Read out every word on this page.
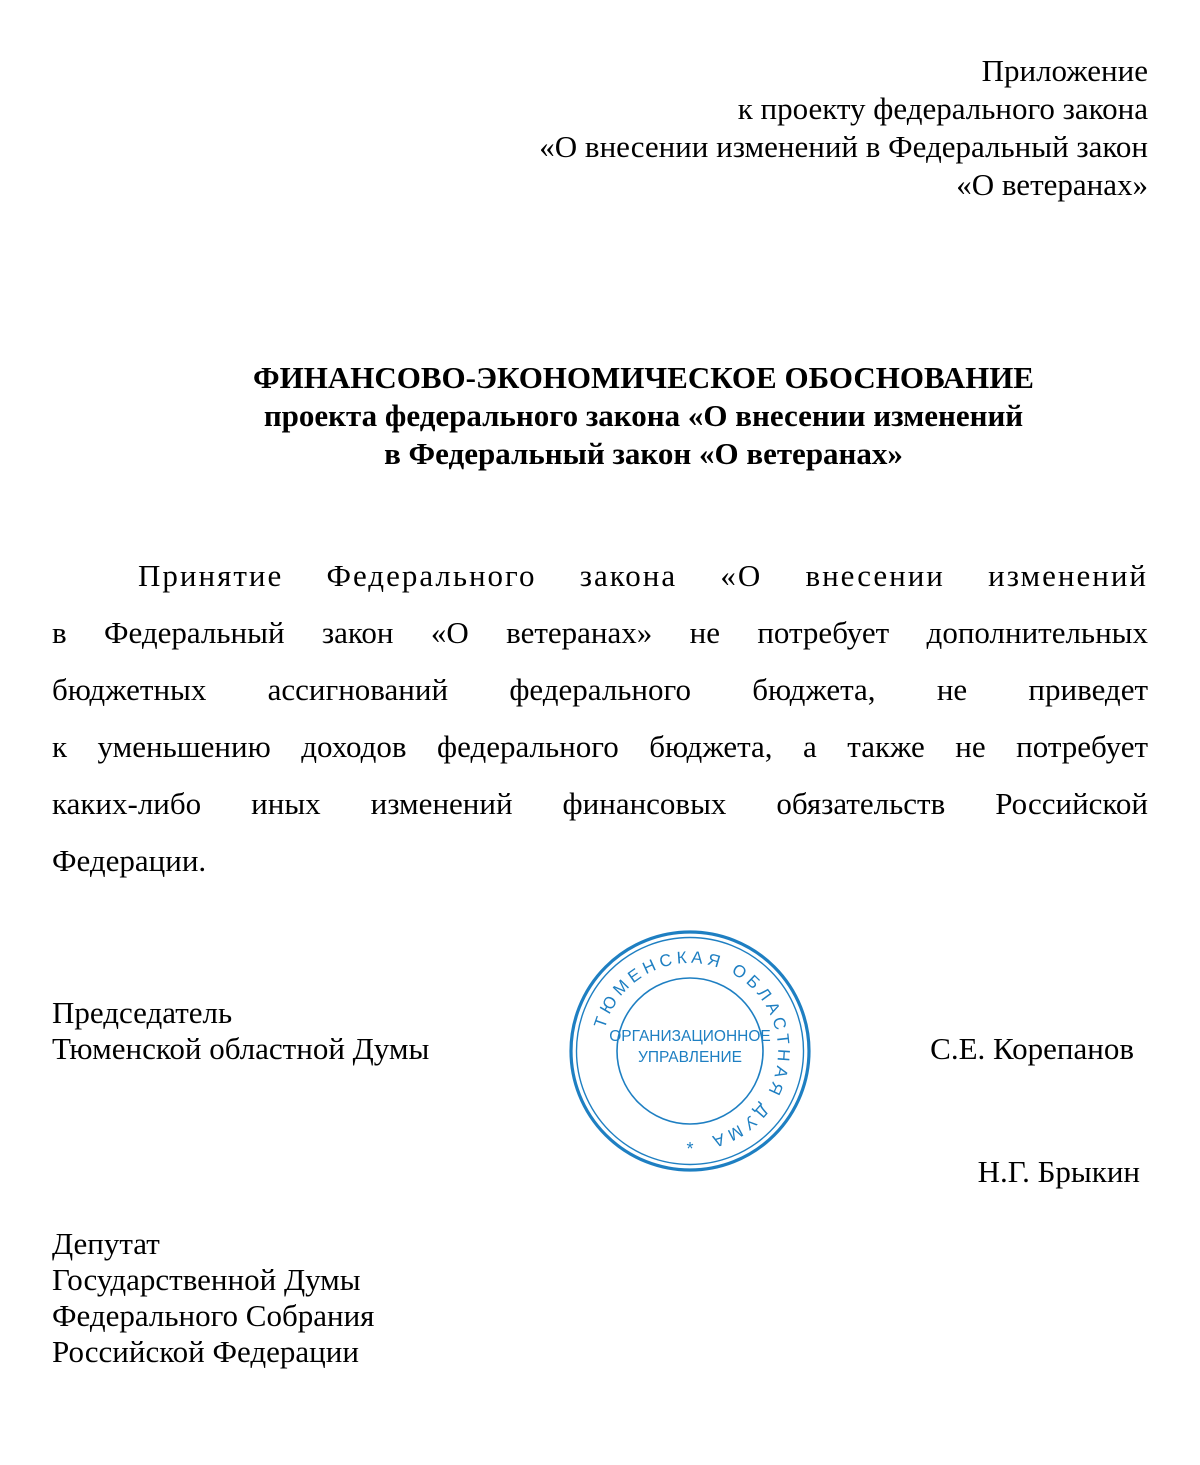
Приложение
к проекту федерального закона
«О внесении изменений в Федеральный закон
«О ветеранах»
ФИНАНСОВО-ЭКОНОМИЧЕСКОЕ ОБОСНОВАНИЕ
проекта федерального закона «О внесении изменений
в Федеральный закон «О ветеранах»
Принятие Федерального закона «О внесении изменений
в Федеральный закон «О ветеранах» не потребует дополнительных
бюджетных ассигнований федерального бюджета, не приведет
к уменьшению доходов федерального бюджета, а также не потребует
каких-либо иных изменений финансовых обязательств Российской
Федерации.
Председатель
Тюменской областной Думы	С.Е. Корепанов
ТЮМЕНСКАЯ ОБЛАСТНАЯ ДУМА
*
ОРГАНИЗАЦИОННОЕ
УПРАВЛЕНИЕ
Депутат
Государственной Думы
Федерального Собрания
Российской Федерации
Н.Г. Брыкин
